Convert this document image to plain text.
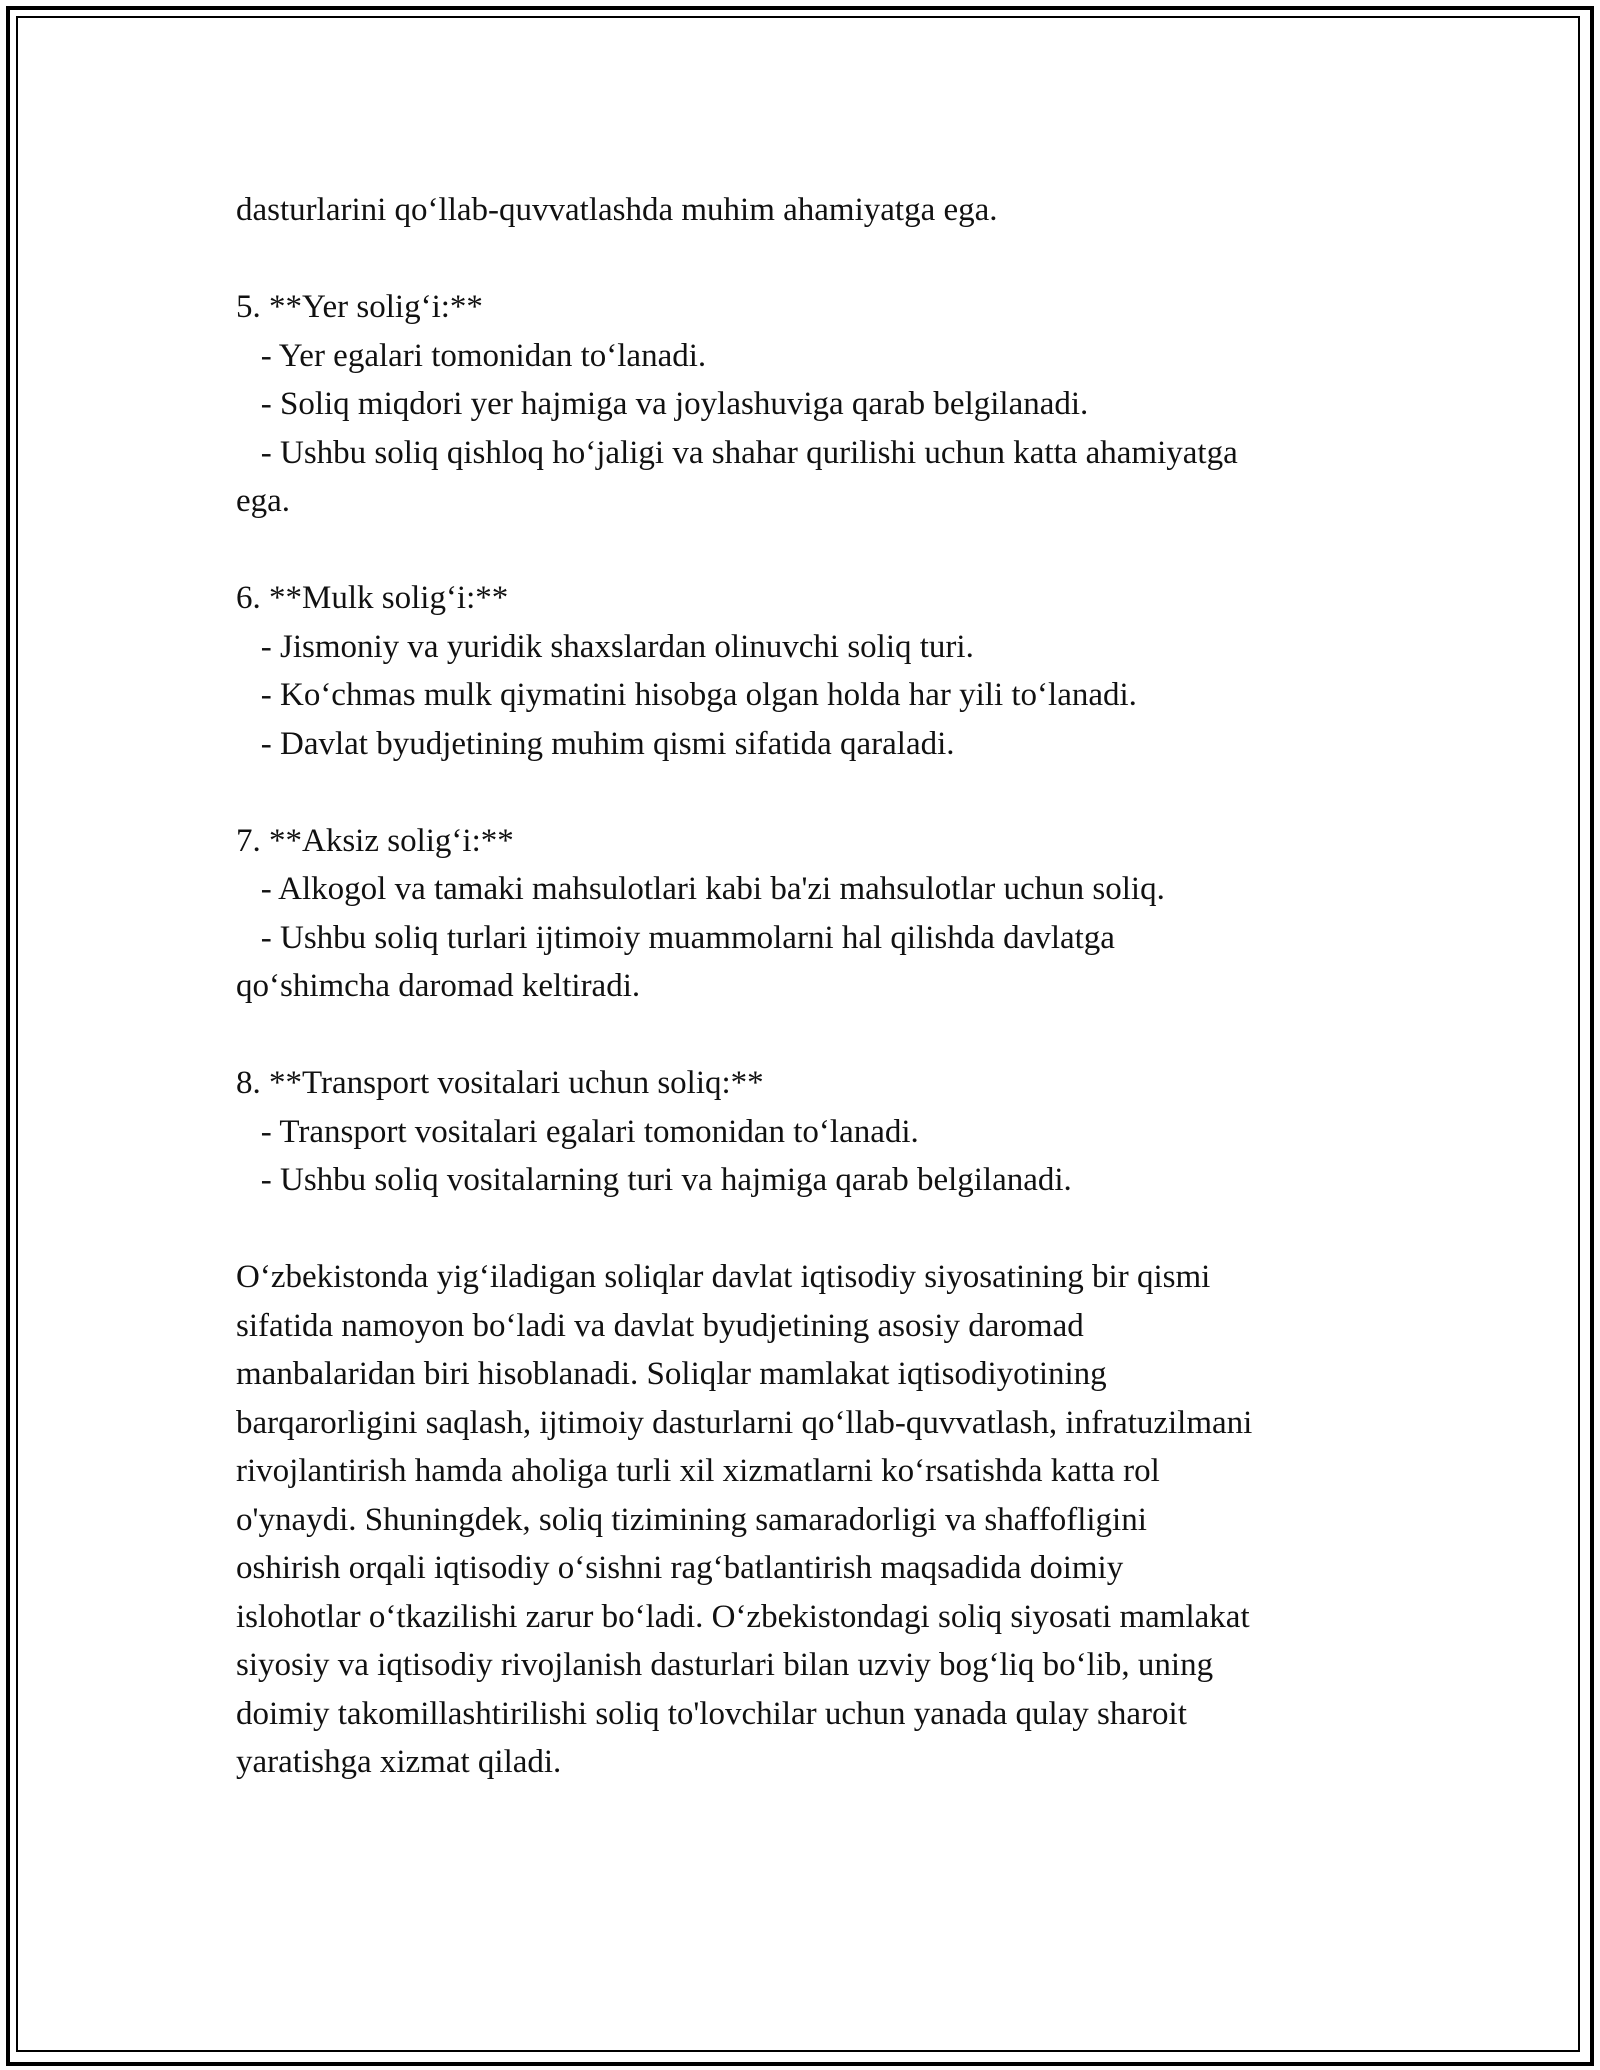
dasturlarini qo‘llab-quvvatlashda muhim ahamiyatga ega.
5. **Yer solig‘i:**
- Yer egalari tomonidan to‘lanadi.
- Soliq miqdori yer hajmiga va joylashuviga qarab belgilanadi.
- Ushbu soliq qishloq ho‘jaligi va shahar qurilishi uchun katta ahamiyatga
ega.
6. **Mulk solig‘i:**
- Jismoniy va yuridik shaxslardan olinuvchi soliq turi.
- Ko‘chmas mulk qiymatini hisobga olgan holda har yili to‘lanadi.
- Davlat byudjetining muhim qismi sifatida qaraladi.
7. **Aksiz solig‘i:**
- Alkogol va tamaki mahsulotlari kabi ba'zi mahsulotlar uchun soliq.
- Ushbu soliq turlari ijtimoiy muammolarni hal qilishda davlatga
qo‘shimcha daromad keltiradi.
8. **Transport vositalari uchun soliq:**
- Transport vositalari egalari tomonidan to‘lanadi.
- Ushbu soliq vositalarning turi va hajmiga qarab belgilanadi.
O‘zbekistonda yig‘iladigan soliqlar davlat iqtisodiy siyosatining bir qismi
sifatida namoyon bo‘ladi va davlat byudjetining asosiy daromad
manbalaridan biri hisoblanadi. Soliqlar mamlakat iqtisodiyotining
barqarorligini saqlash, ijtimoiy dasturlarni qo‘llab-quvvatlash, infratuzilmani
rivojlantirish hamda aholiga turli xil xizmatlarni ko‘rsatishda katta rol
o'ynaydi. Shuningdek, soliq tizimining samaradorligi va shaffofligini
oshirish orqali iqtisodiy o‘sishni rag‘batlantirish maqsadida doimiy
islohotlar o‘tkazilishi zarur bo‘ladi. O‘zbekistondagi soliq siyosati mamlakat
siyosiy va iqtisodiy rivojlanish dasturlari bilan uzviy bog‘liq bo‘lib, uning
doimiy takomillashtirilishi soliq to'lovchilar uchun yanada qulay sharoit
yaratishga xizmat qiladi.
